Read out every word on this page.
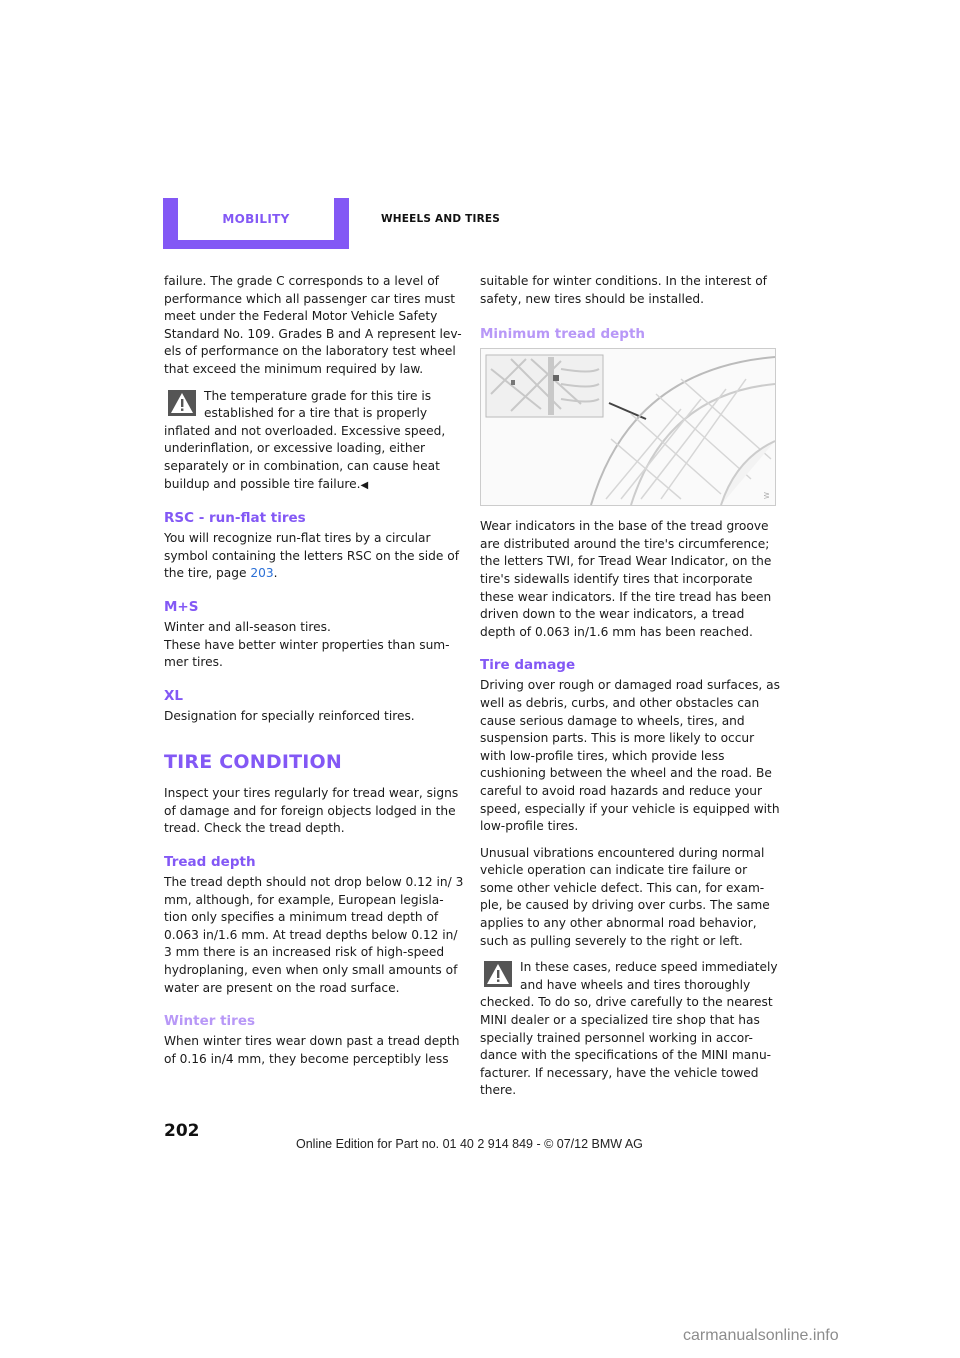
MOBILITY	WHEELS AND TIRES

failure. The grade C corresponds to a level of performance which all passenger car tires must meet under the Federal Motor Vehicle Safety Standard No. 109. Grades B and A represent lev-els of performance on the laboratory test wheel that exceed the minimum required by law.

The temperature grade for this tire is established for a tire that is properly inflated and not overloaded. Excessive speed, underinflation, or excessive loading, either separately or in combination, can cause heat buildup and possible tire failure.◀

RSC - run-flat tires

You will recognize run-flat tires by a circular symbol containing the letters RSC on the side of the tire, page 203.

M+S

Winter and all-season tires.

These have better winter properties than sum-mer tires.

XL

Designation for specially reinforced tires.

TIRE CONDITION

Inspect your tires regularly for tread wear, signs of damage and for foreign objects lodged in the tread. Check the tread depth.

Tread depth

The tread depth should not drop below 0.12 in/ 3 mm, although, for example, European legisla-tion only specifies a minimum tread depth of 0.063 in/1.6 mm. At tread depths below 0.12 in/ 3 mm there is an increased risk of high-speed hydroplaning, even when only small amounts of water are present on the road surface.

Winter tires

When winter tires wear down past a tread depth of 0.16 in/4 mm, they become perceptibly less

suitable for winter conditions. In the interest of safety, new tires should be installed.

Minimum tread depth
W

Wear indicators in the base of the tread groove are distributed around the tire's circumference; the letters TWI, for Tread Wear Indicator, on the tire's sidewalls identify tires that incorporate these wear indicators. If the tire tread has been driven down to the wear indicators, a tread depth of 0.063 in/1.6 mm has been reached.

Tire damage

Driving over rough or damaged road surfaces, as well as debris, curbs, and other obstacles can cause serious damage to wheels, tires, and suspension parts. This is more likely to occur with low-profile tires, which provide less cushioning between the wheel and the road. Be careful to avoid road hazards and reduce your speed, especially if your vehicle is equipped with low-profile tires.

Unusual vibrations encountered during normal vehicle operation can indicate tire failure or some other vehicle defect. This can, for exam-ple, be caused by driving over curbs. The same applies to any other abnormal road behavior, such as pulling severely to the right or left.

In these cases, reduce speed immediately and have wheels and tires thoroughly checked. To do so, drive carefully to the nearest MINI dealer or a specialized tire shop that has specially trained personnel working in accor-dance with the specifications of the MINI manu-facturer. If necessary, have the vehicle towed there.

202
Online Edition for Part no. 01 40 2 914 849 - © 07/12 BMW AG
carmanualsonline.info
